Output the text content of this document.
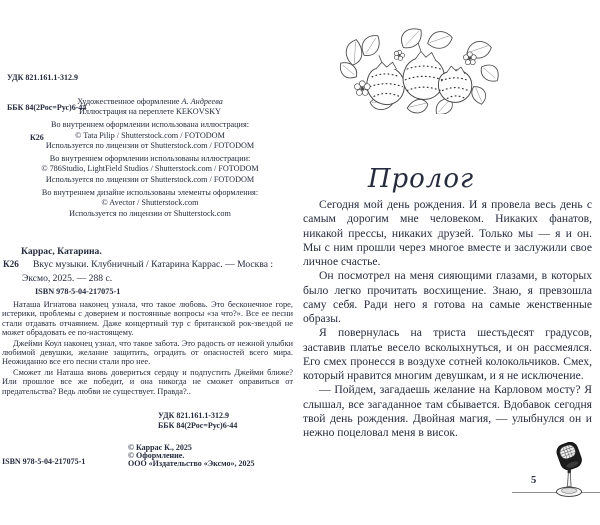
УДК 821.161.1-312.9

ББК 84(2Рос=Рус)6-44

К26

Художественное оформление А. Андреева
Иллюстрация на переплете KEKOVSKY
Во внутреннем оформлении использована иллюстрация:
© Tata Pilip / Shutterstock.com / FOTODOM
Используется по лицензии от Shutterstock.com / FOTODOM
Во внутреннем оформлении использованы иллюстрации:
© 786Studio, LightField Studios / Shutterstock.com / FOTODOM
Используется по лицензии от Shutterstock.com / FOTODOM
Во внутреннем дизайне использованы элементы оформления:
© Avector / Shutterstock.com
Используется по лицензии от Shutterstock.com
Каррас, Катарина.
К26	Вкус музыки. Клубничный / Катарина Каррас. — Москва : Эксмо, 2025. — 288 с.
ISBN 978-5-04-217075-1

Наташа Игнатова наконец узнала, что такое любовь. Это бесконечное горе, истерики, проблемы с доверием и постоянные вопросы «за что?». Все ее песни стали отдавать отчаянием. Даже концертный тур с британской рок-звездой не может обрадовать ее по-настоящему.

Джейми Коул наконец узнал, что такое забота. Это радость от нежной улыбки любимой девушки, желание защитить, оградить от опасностей всего мира. Неожиданно все его песни стали про нее.

Сможет ли Наташа вновь довериться сердцу и подпустить Джейми ближе? Или прошлое все же победит, и она никогда не сможет оправиться от предательства? Ведь любви не существует. Правда?..

УДК 821.161.1-312.9
ББК 84(2Рос=Рус)6-44
© Каррас К., 2025
© Оформление.
ООО «Издательство «Эксмо», 2025
ISBN 978-5-04-217075-1
Пролог

Сегодня мой день рождения. И я провела весь день с самым дорогим мне человеком. Никаких фанатов, никакой прессы, никаких друзей. Только мы — я и он. Мы с ним прошли через многое вместе и заслужили свое личное счастье.

Он посмотрел на меня сияющими глазами, в которых было легко прочитать восхищение. Знаю, я превзошла саму себя. Ради него я готова на самые женственные образы.

Я повернулась на триста шестьдесят градусов, заставив платье весело всколыхнуться, и он рассмеялся. Его смех пронесся в воздухе сотней колокольчиков. Смех, который нравится многим девушкам, и я не исключение.

— Пойдем, загадаешь желание на Карловом мосту? Я слышал, все загаданное там сбывается. Вдобавок сегодня твой день рождения. Двойная магия, — улыбнулся он и нежно поцеловал меня в висок.

5
